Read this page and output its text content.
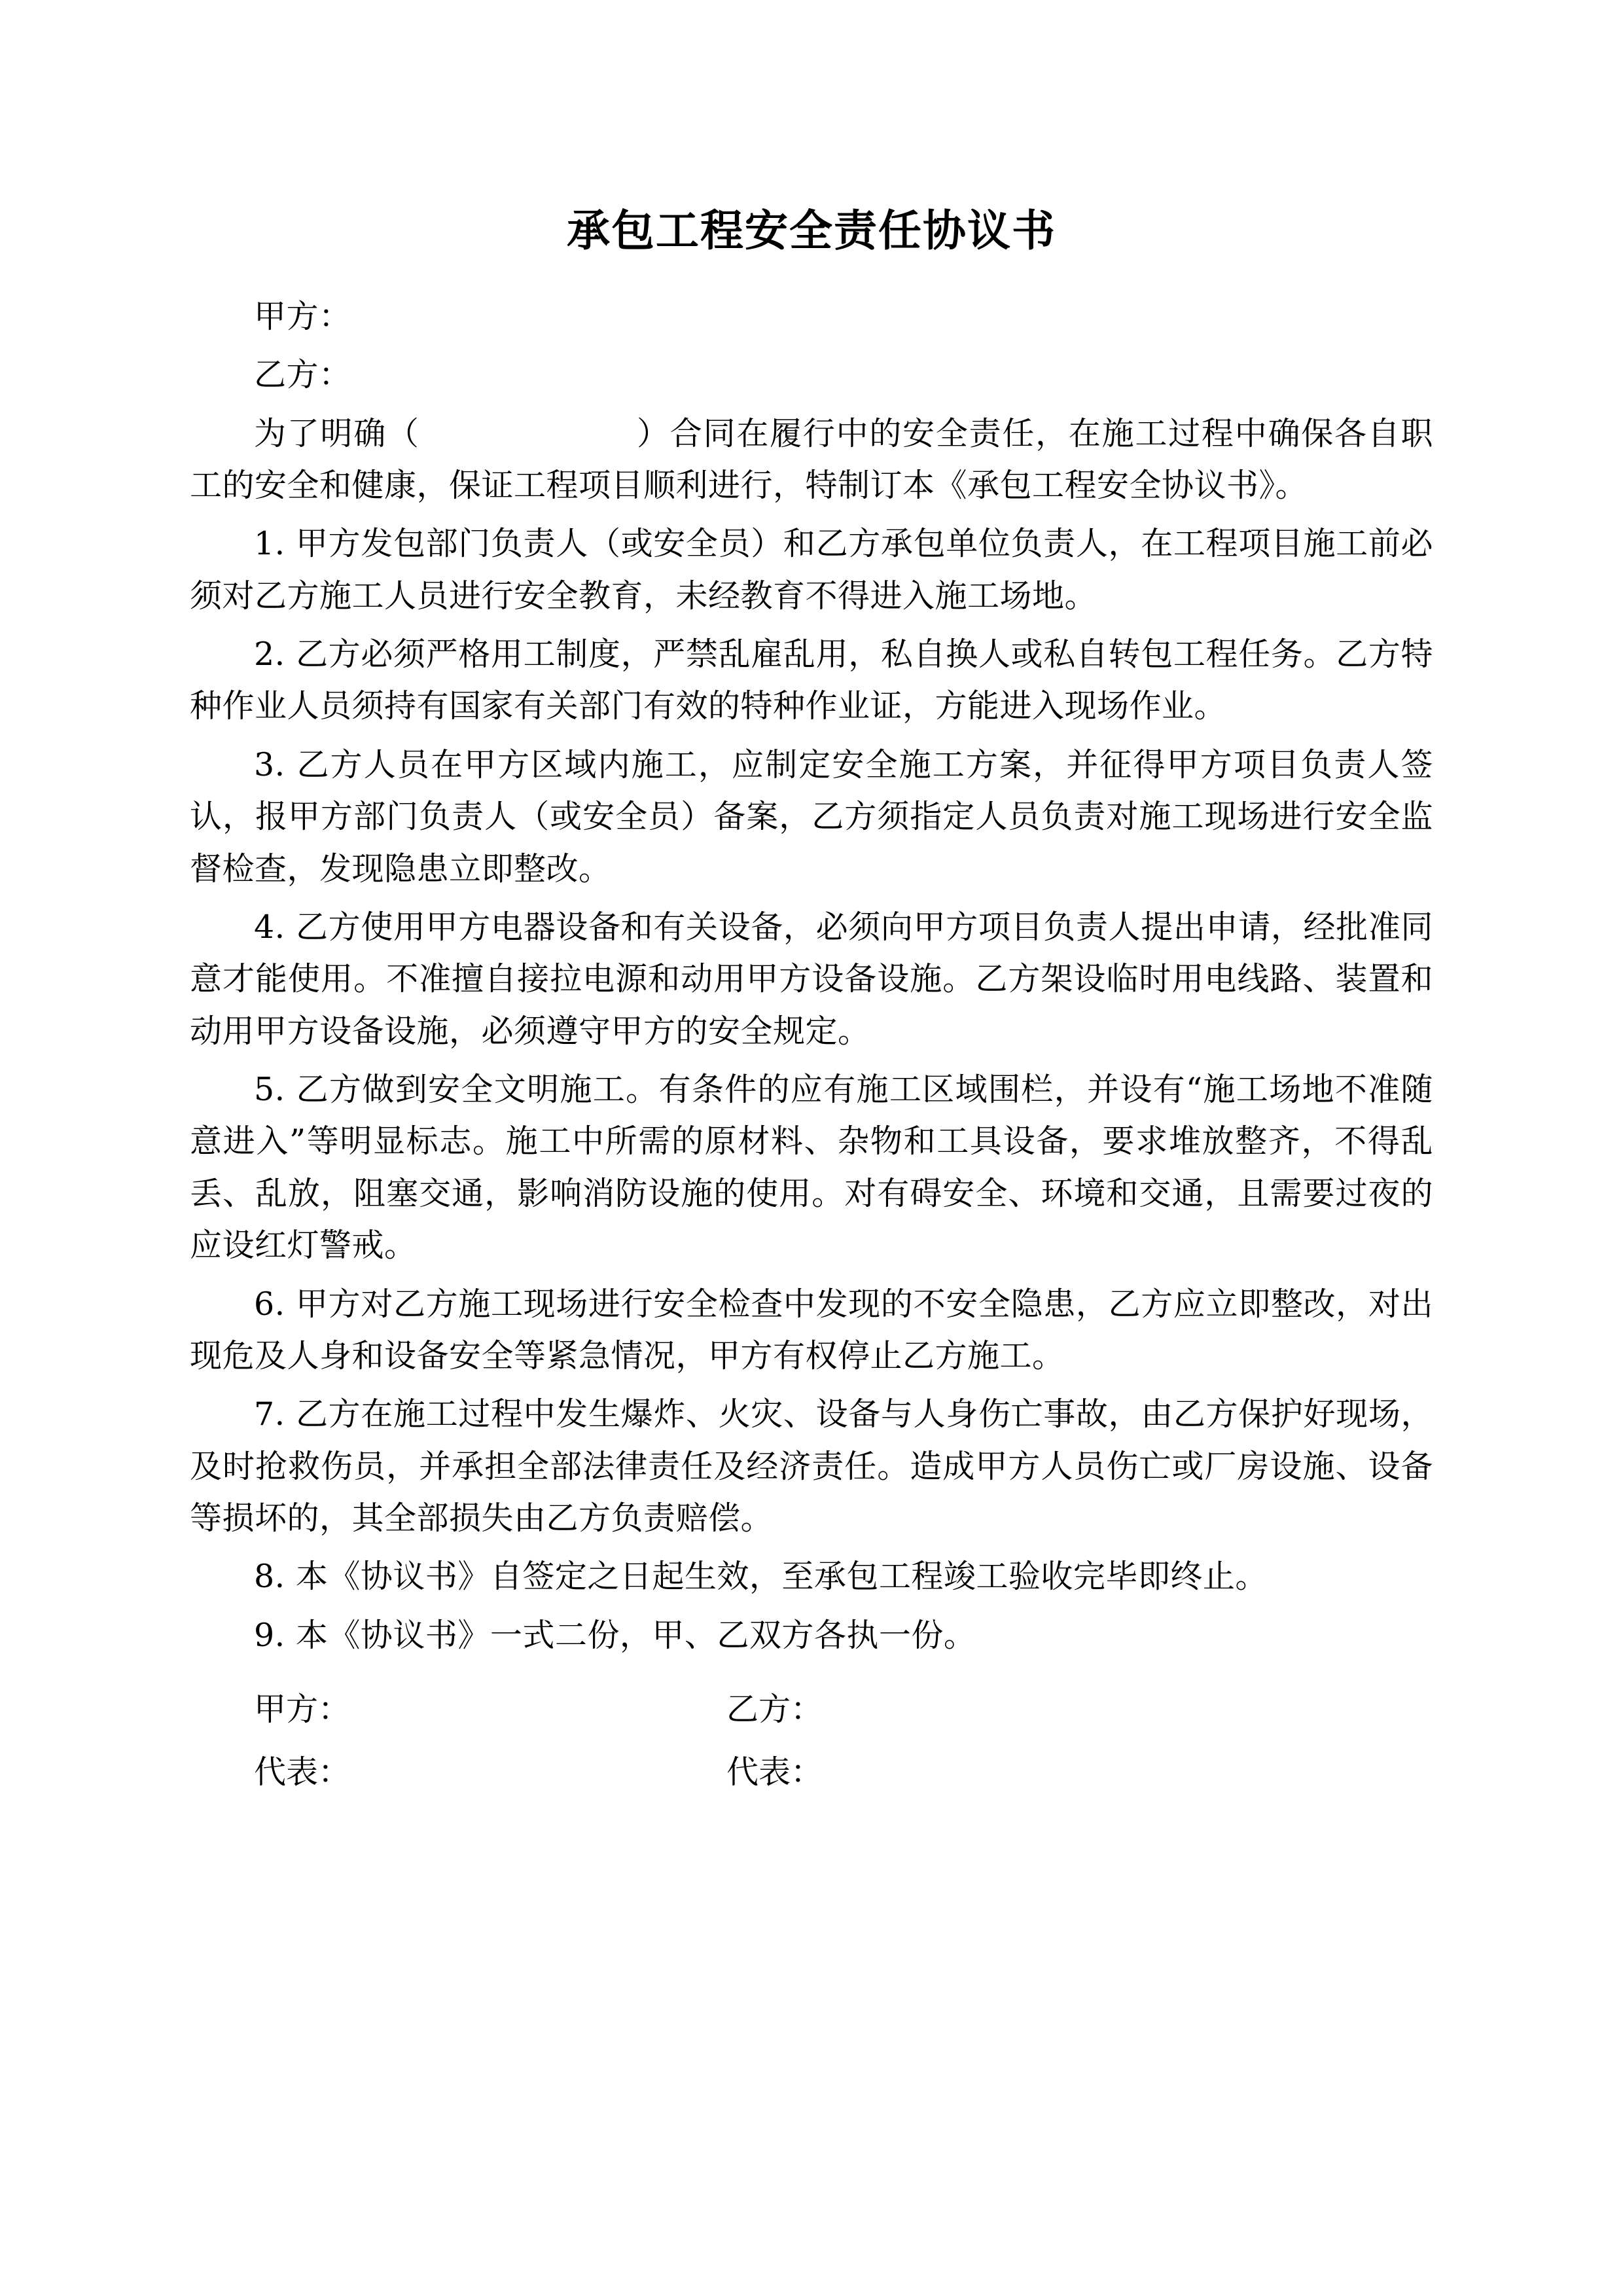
承包工程安全责任协议书

甲方：

乙方：

为了明确（	）合同在履行中的安全责任，在施工过程中确保各自职工的安全和健康，保证工程项目顺利进行，特制订本《承包工程安全协议书》。

1. 甲方发包部门负责人（或安全员）和乙方承包单位负责人，在工程项目施工前必须对乙方施工人员进行安全教育，未经教育不得进入施工场地。

2. 乙方必须严格用工制度，严禁乱雇乱用，私自换人或私自转包工程任务。乙方特种作业人员须持有国家有关部门有效的特种作业证，方能进入现场作业。

3. 乙方人员在甲方区域内施工，应制定安全施工方案，并征得甲方项目负责人签认，报甲方部门负责人（或安全员）备案，乙方须指定人员负责对施工现场进行安全监督检查，发现隐患立即整改。

4. 乙方使用甲方电器设备和有关设备，必须向甲方项目负责人提出申请，经批准同意才能使用。不准擅自接拉电源和动用甲方设备设施。乙方架设临时用电线路、装置和动用甲方设备设施，必须遵守甲方的安全规定。

5. 乙方做到安全文明施工。有条件的应有施工区域围栏，并设有“施工场地不准随意进入”等明显标志。施工中所需的原材料、杂物和工具设备，要求堆放整齐，不得乱丢、乱放，阻塞交通，影响消防设施的使用。对有碍安全、环境和交通，且需要过夜的应设红灯警戒。

6. 甲方对乙方施工现场进行安全检查中发现的不安全隐患，乙方应立即整改，对出现危及人身和设备安全等紧急情况，甲方有权停止乙方施工。

7. 乙方在施工过程中发生爆炸、火灾、设备与人身伤亡事故，由乙方保护好现场，及时抢救伤员，并承担全部法律责任及经济责任。造成甲方人员伤亡或厂房设施、设备等损坏的，其全部损失由乙方负责赔偿。

8. 本《协议书》自签定之日起生效，至承包工程竣工验收完毕即终止。

9. 本《协议书》一式二份，甲、乙双方各执一份。

甲方：	乙方：
代表：	代表：
